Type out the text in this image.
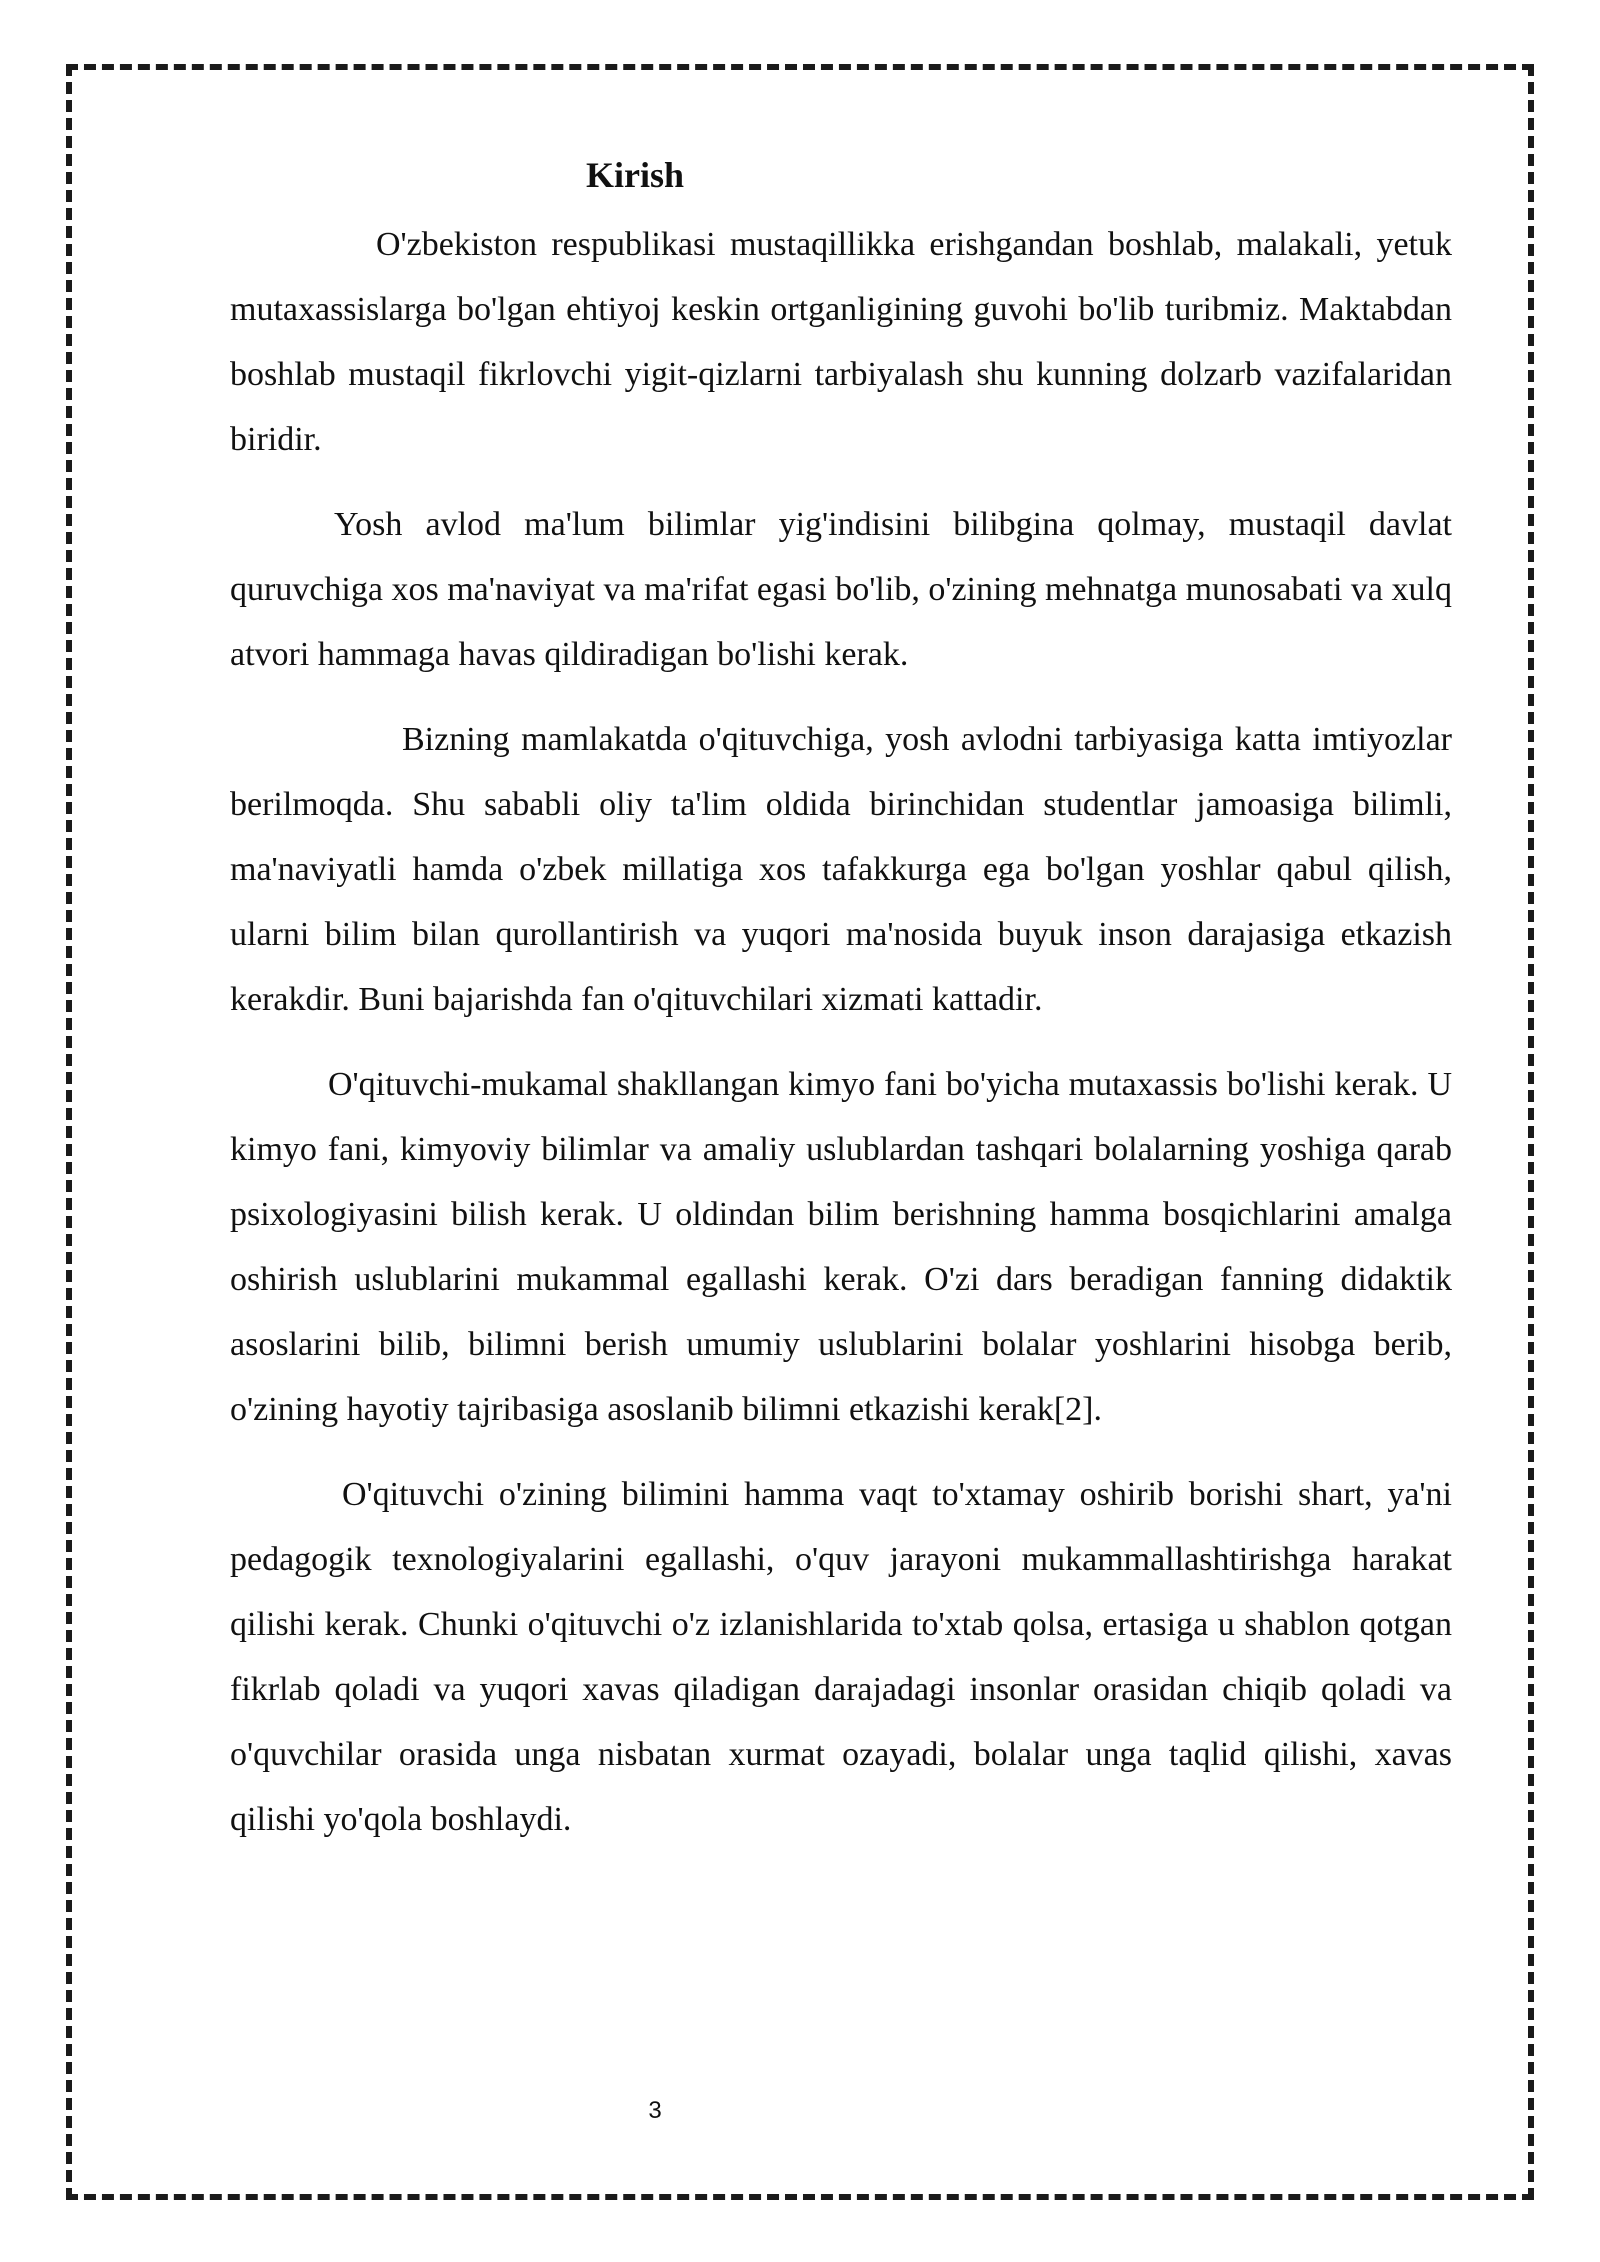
Kirish

O'zbekiston respublikasi mustaqillikka erishgandan boshlab, malakali, yetuk mutaxassislarga bo'lgan ehtiyoj keskin ortganligining guvohi bo'lib turibmiz. Maktabdan boshlab mustaqil fikrlovchi yigit-qizlarni tarbiyalash shu kunning dolzarb vazifalaridan biridir.

Yosh avlod ma'lum bilimlar yig'indisini bilibgina qolmay, mustaqil davlat quruvchiga xos ma'naviyat va ma'rifat egasi bo'lib, o'zining mehnatga munosabati va xulq atvori hammaga havas qildiradigan bo'lishi kerak.

Bizning mamlakatda o'qituvchiga, yosh avlodni tarbiyasiga katta imtiyozlar berilmoqda. Shu sababli oliy ta'lim oldida birinchidan studentlar jamoasiga bilimli, ma'naviyatli hamda o'zbek millatiga xos tafakkurga ega bo'lgan yoshlar qabul qilish, ularni bilim bilan qurollantirish va yuqori ma'nosida buyuk inson darajasiga etkazish kerakdir. Buni bajarishda fan o'qituvchilari xizmati kattadir.

O'qituvchi-mukamal shakllangan kimyo fani bo'yicha mutaxassis bo'lishi kerak. U kimyo fani, kimyoviy bilimlar va amaliy uslublardan tashqari bolalarning yoshiga qarab psixologiyasini bilish kerak. U oldindan bilim berishning hamma bosqichlarini amalga oshirish uslublarini mukammal egallashi kerak. O'zi dars beradigan fanning didaktik asoslarini bilib, bilimni berish umumiy uslublarini bolalar yoshlarini hisobga berib, o'zining hayotiy tajribasiga asoslanib bilimni etkazishi kerak[2].

O'qituvchi o'zining bilimini hamma vaqt to'xtamay oshirib borishi shart, ya'ni pedagogik texnologiyalarini egallashi, o'quv jarayoni mukammallashtirishga harakat qilishi kerak. Chunki o'qituvchi o'z izlanishlarida to'xtab qolsa, ertasiga u shablon qotgan fikrlab qoladi va yuqori xavas qiladigan darajadagi insonlar orasidan chiqib qoladi va o'quvchilar orasida unga nisbatan xurmat ozayadi, bolalar unga taqlid qilishi, xavas qilishi yo'qola boshlaydi.

3
